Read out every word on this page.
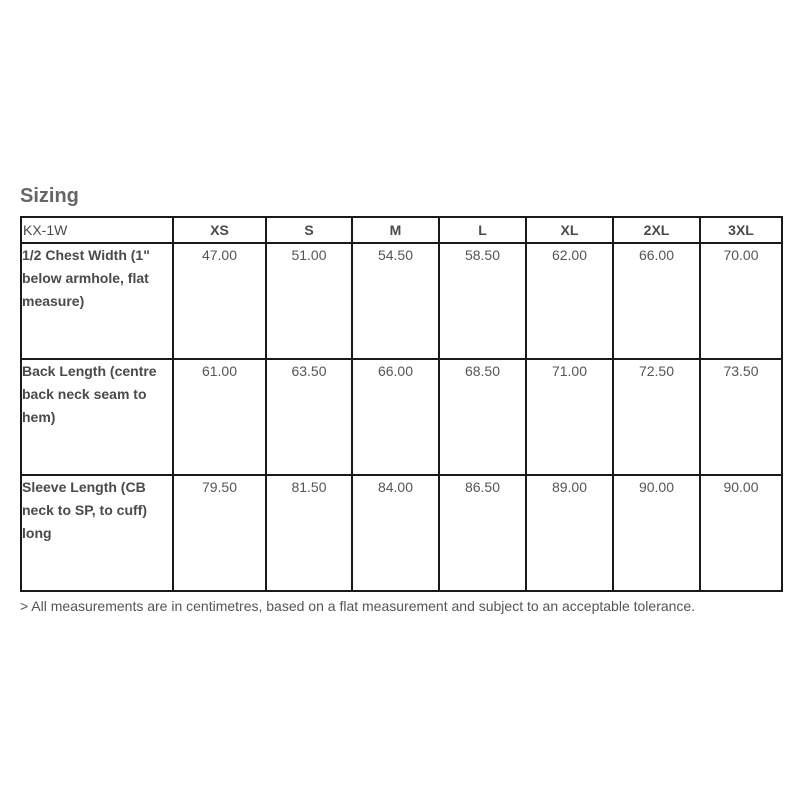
Sizing
KX-1W	XS	S	M	L	XL	2XL	3XL
1/2 Chest Width (1" below armhole, flat measure)	47.00	51.00	54.50	58.50	62.00	66.00	70.00
Back Length (centre back neck seam to hem)	61.00	63.50	66.00	68.50	71.00	72.50	73.50
Sleeve Length (CB neck to SP, to cuff) long	79.50	81.50	84.00	86.50	89.00	90.00	90.00

> All measurements are in centimetres, based on a flat measurement and subject to an acceptable tolerance.
